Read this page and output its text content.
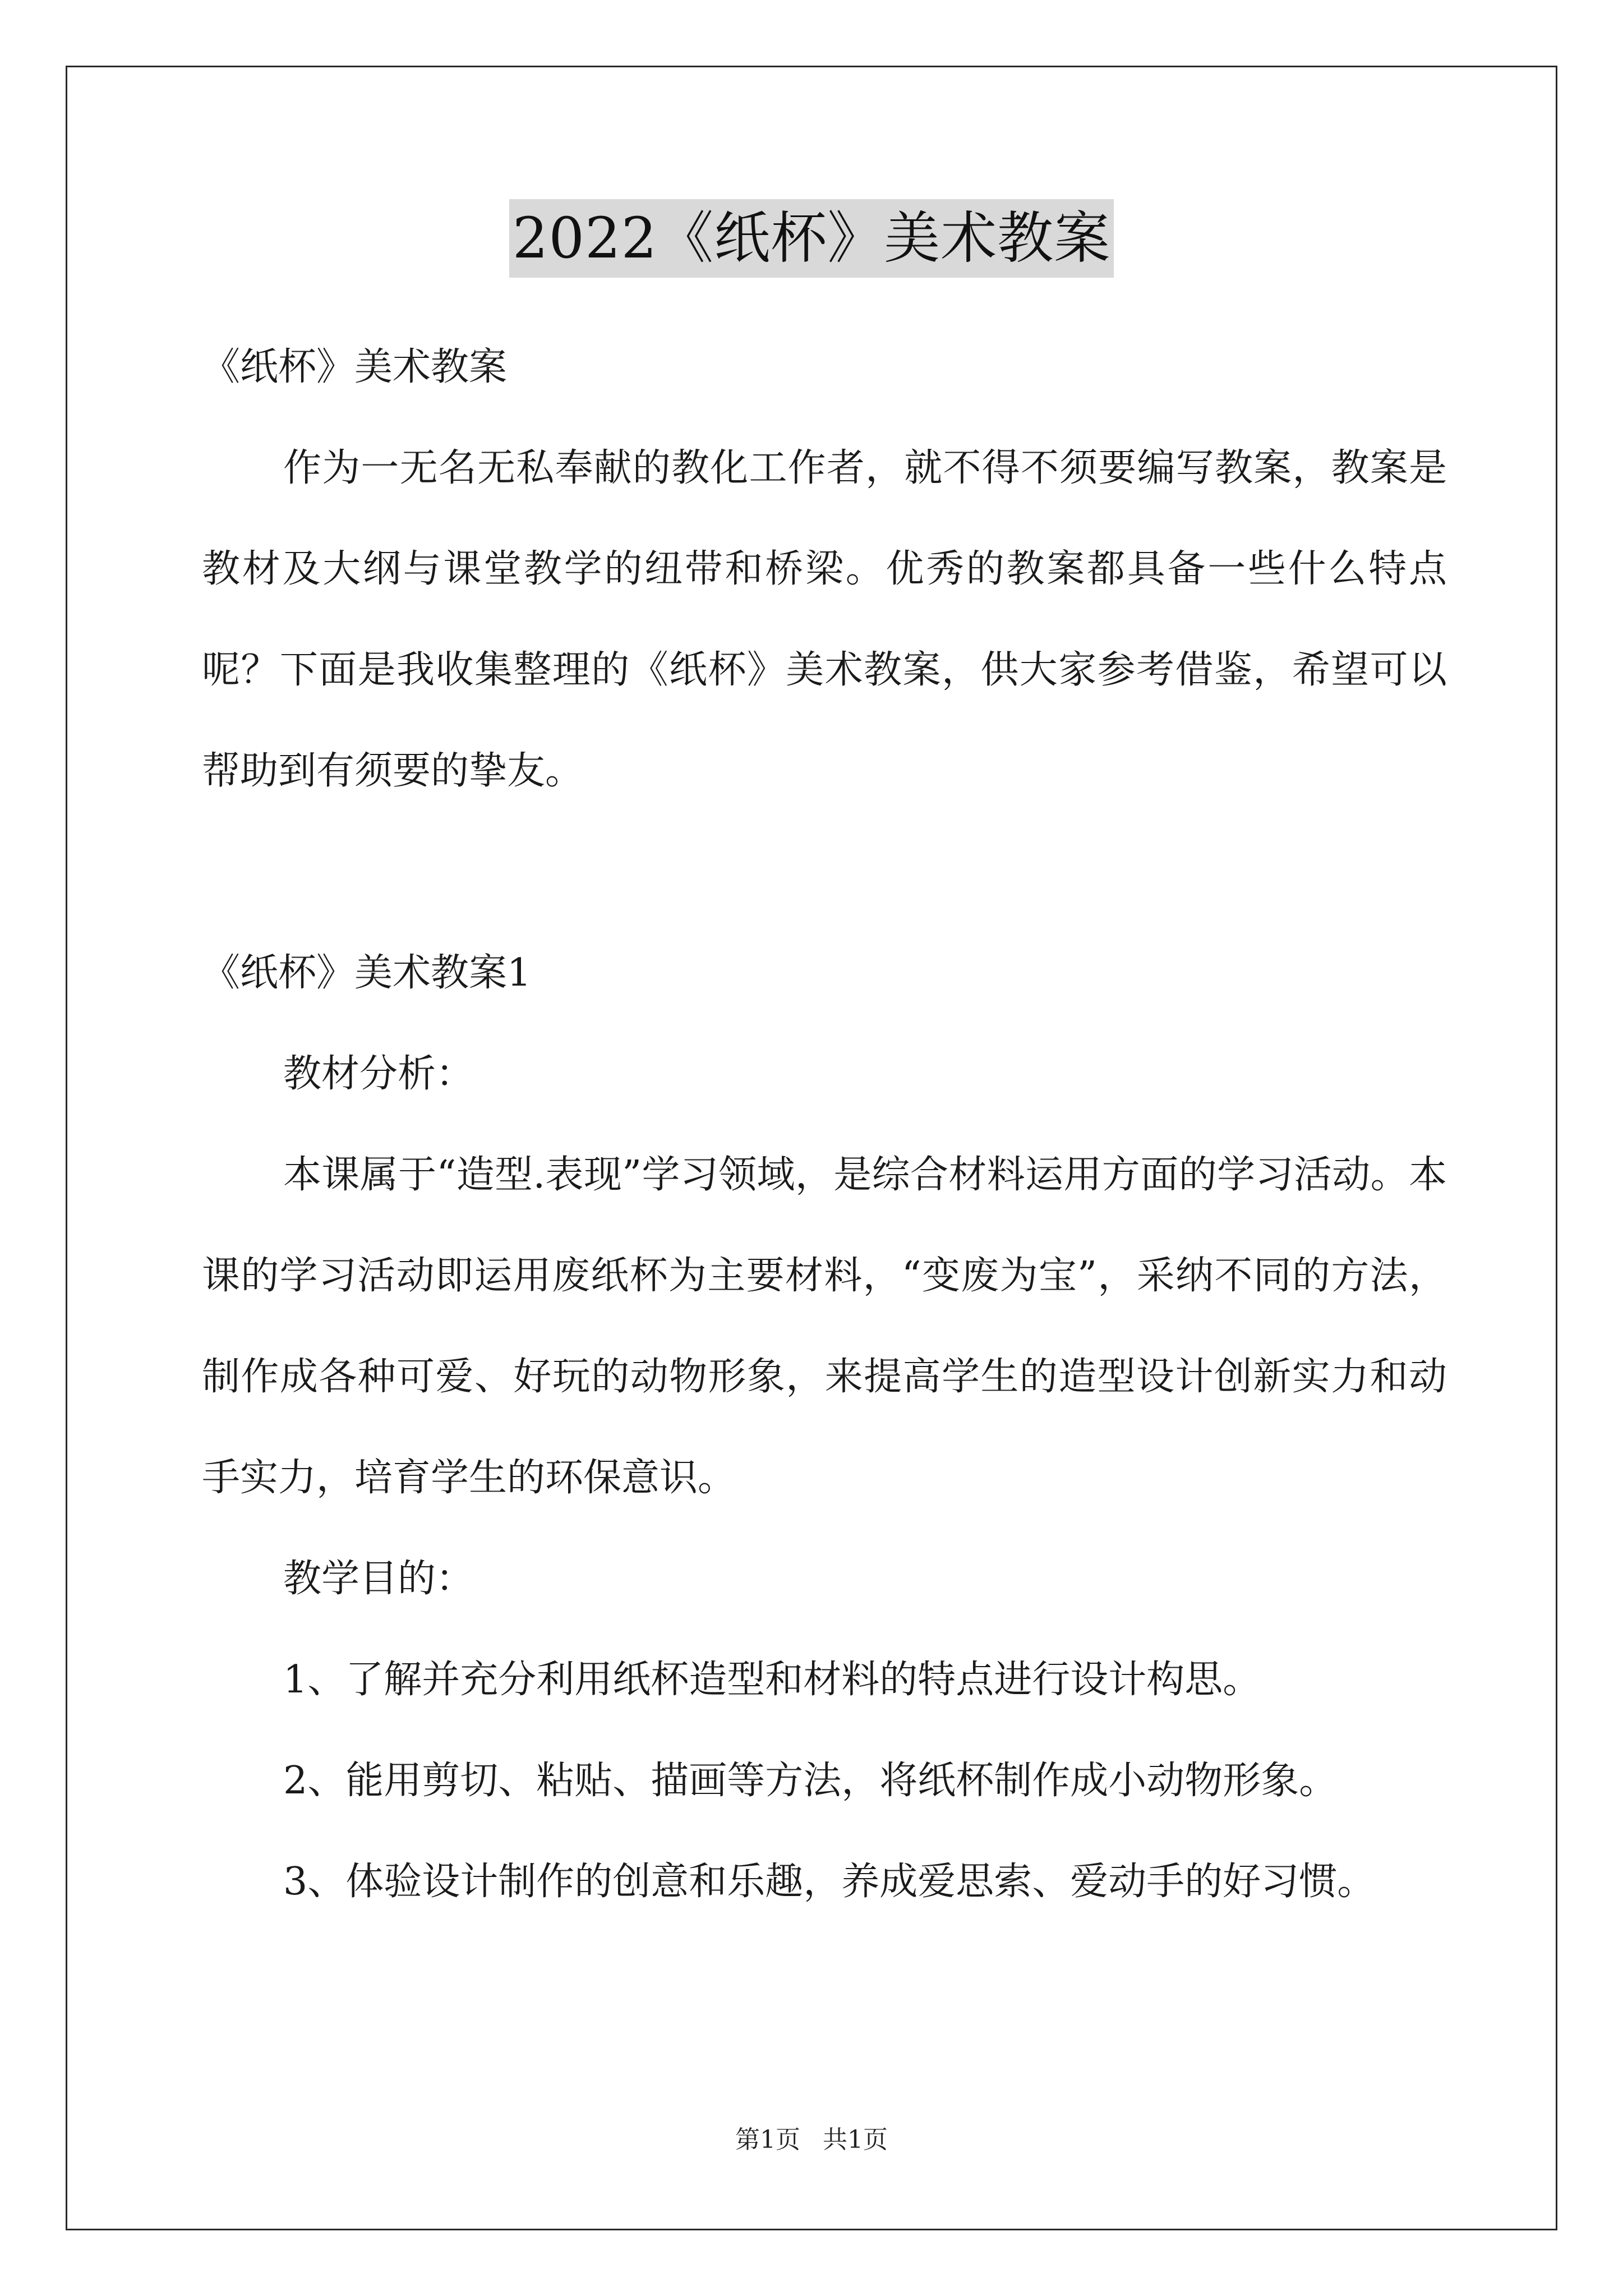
2022《纸杯》美术教案

《纸杯》美术教案

作为一无名无私奉献的教化工作者，就不得不须要编写教案，教案是教材及大纲与课堂教学的纽带和桥梁。优秀的教案都具备一些什么特点呢？下面是我收集整理的《纸杯》美术教案，供大家参考借鉴，希望可以帮助到有须要的挚友。

《纸杯》美术教案1

教材分析：

本课属于“造型.表现”学习领域，是综合材料运用方面的学习活动。本课的学习活动即运用废纸杯为主要材料，“变废为宝”，采纳不同的方法，制作成各种可爱、好玩的动物形象，来提高学生的造型设计创新实力和动手实力，培育学生的环保意识。

教学目的：

1、了解并充分利用纸杯造型和材料的特点进行设计构思。

2、能用剪切、粘贴、描画等方法，将纸杯制作成小动物形象。

3、体验设计制作的创意和乐趣，养成爱思索、爱动手的好习惯。

第1页 共1页
